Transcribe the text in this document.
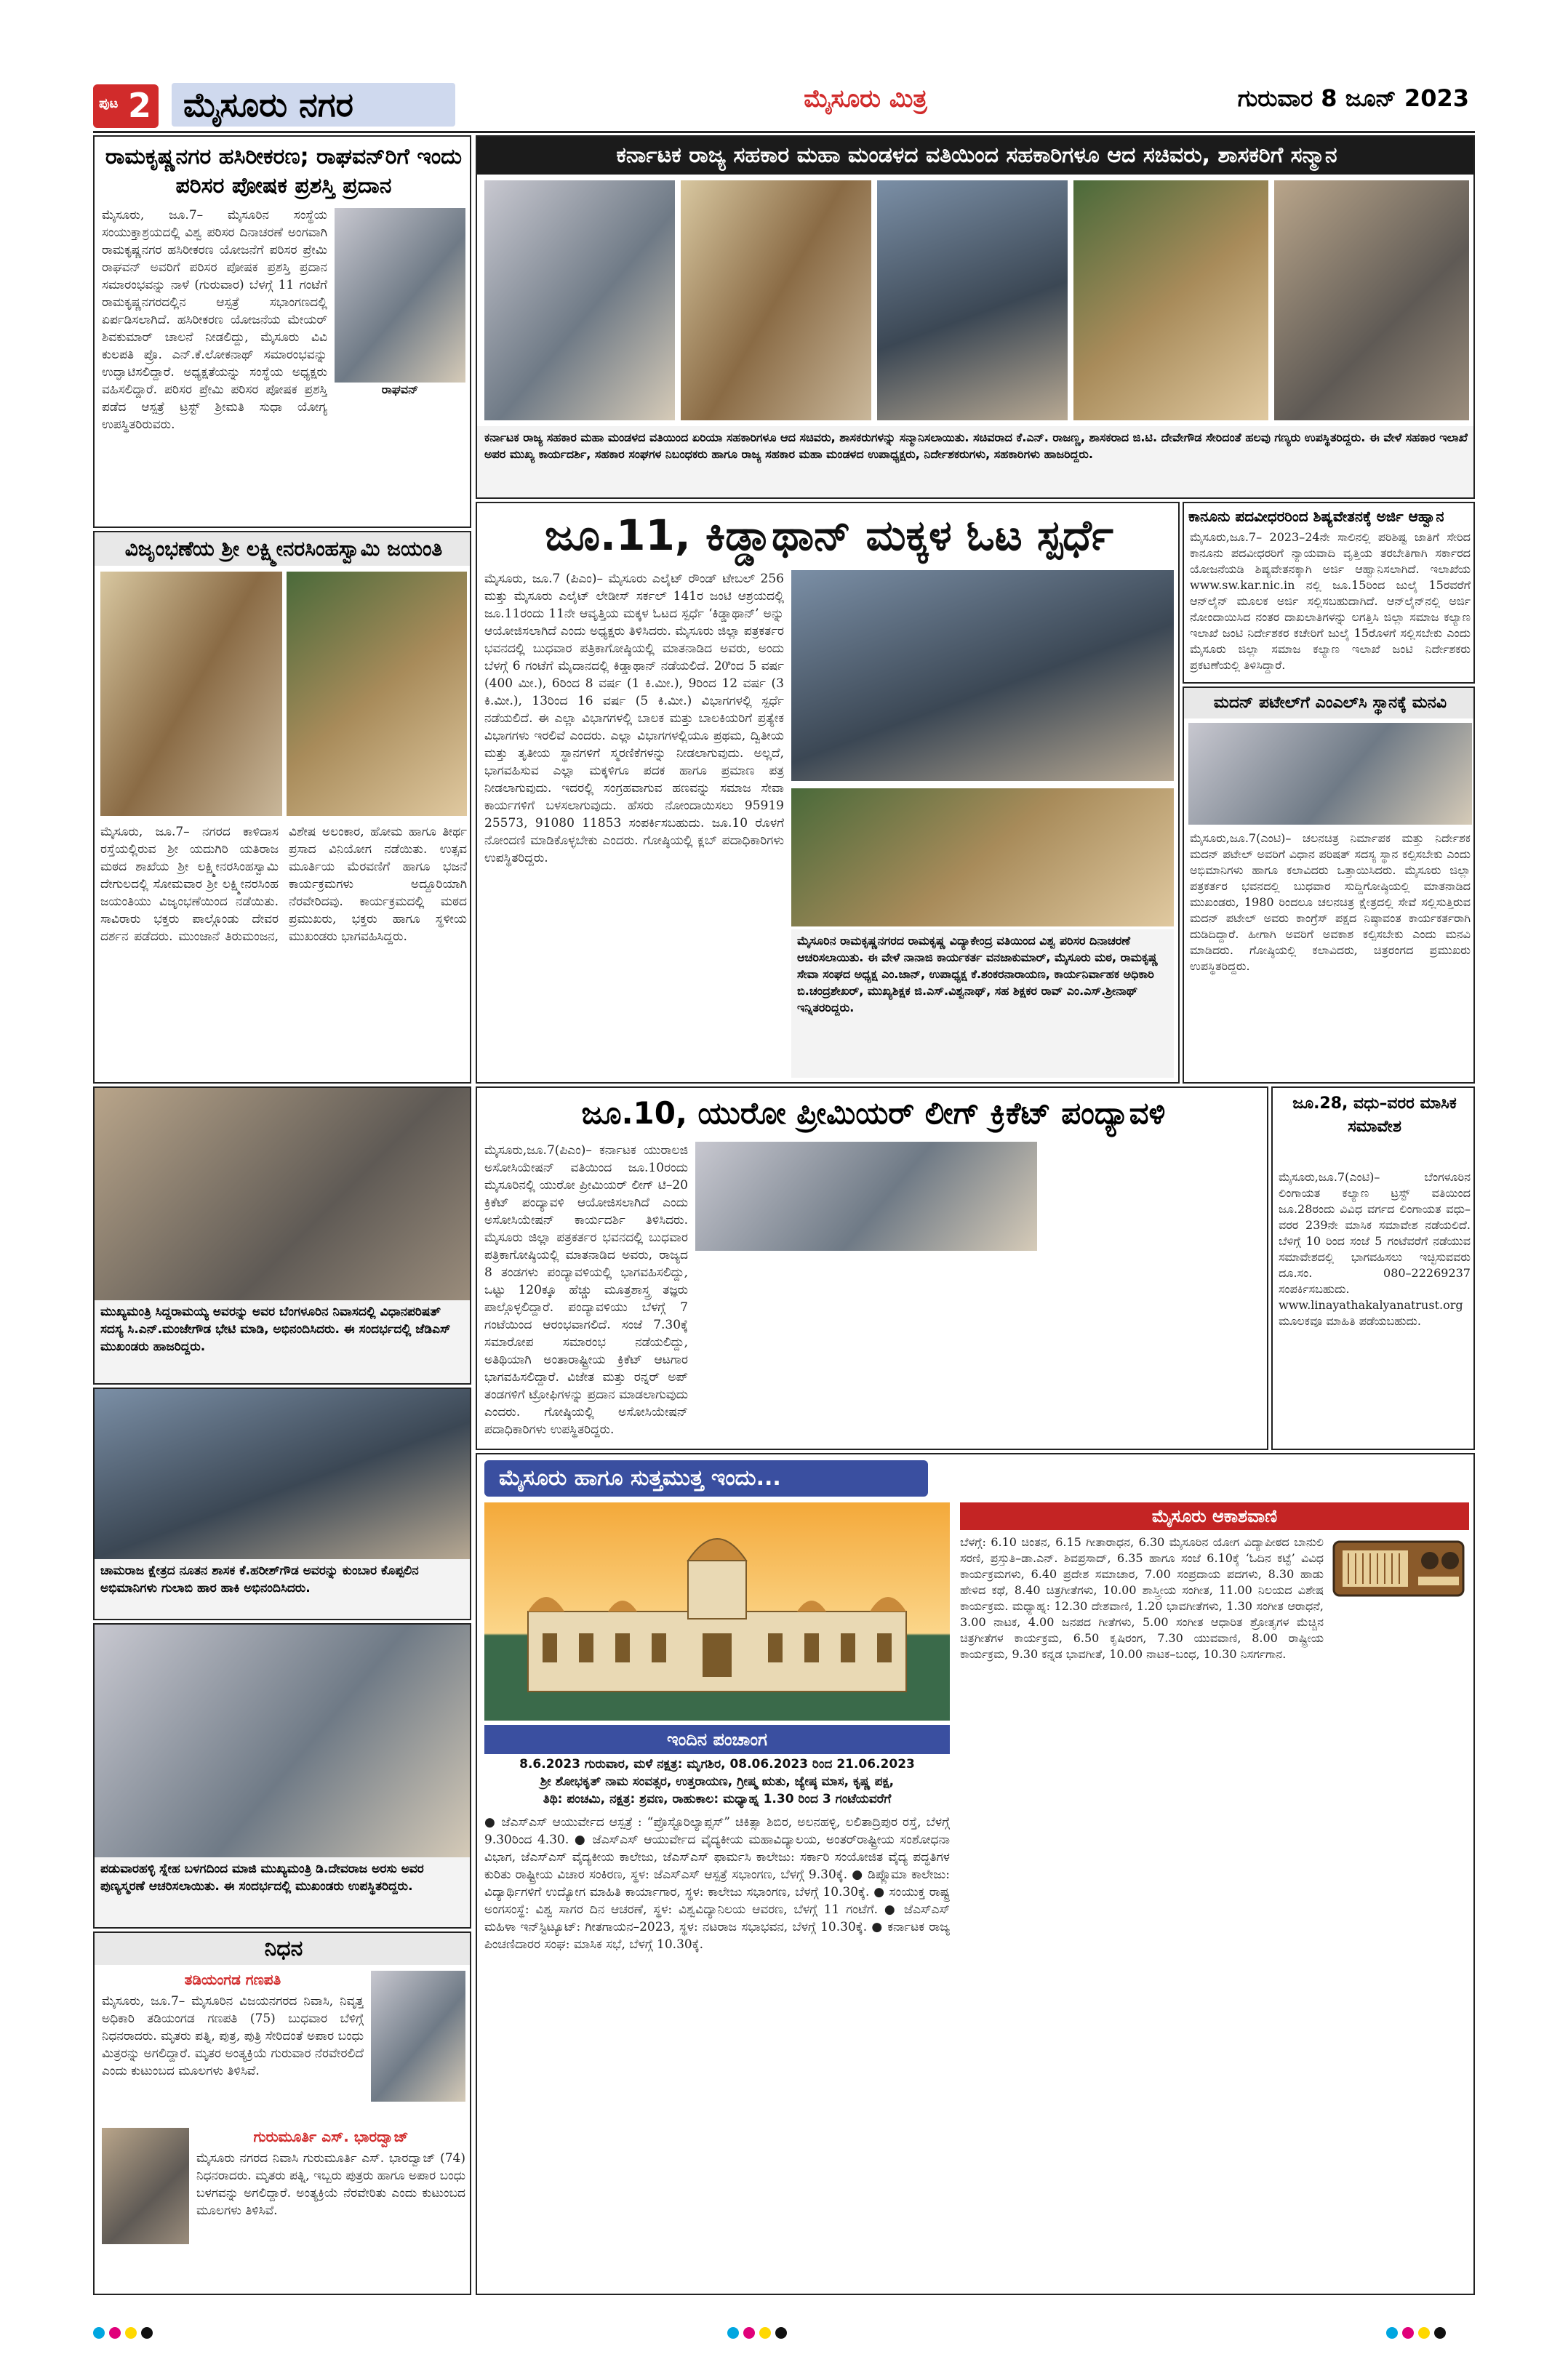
ಪುಟ 2 ಮೈಸೂರು ನಗರ	ಮೈಸೂರು ಮಿತ್ರ	ಗುರುವಾರ 8 ಜೂನ್ 2023
ರಾಮಕೃಷ್ಣನಗರ ಹಸಿರೀಕರಣ; ರಾಘವನ್‌ರಿಗೆ ಇಂದು ಪರಿಸರ ಪೋಷಕ ಪ್ರಶಸ್ತಿ ಪ್ರದಾನ
ರಾಘವನ್
ಮೈಸೂರು, ಜೂ.7– ಮೈಸೂರಿನ ಸಂಸ್ಥೆಯ ಸಂಯುಕ್ತಾಶ್ರಯದಲ್ಲಿ ವಿಶ್ವ ಪರಿಸರ ದಿನಾಚರಣೆ ಅಂಗವಾಗಿ ರಾಮಕೃಷ್ಣನಗರ ಹಸಿರೀಕರಣ ಯೋಜನೆಗೆ ಪರಿಸರ ಪ್ರೇಮಿ ರಾಘವನ್ ಅವರಿಗೆ ಪರಿಸರ ಪೋಷಕ ಪ್ರಶಸ್ತಿ ಪ್ರದಾನ ಸಮಾರಂಭವನ್ನು ನಾಳೆ (ಗುರುವಾರ) ಬೆಳಗ್ಗೆ 11 ಗಂಟೆಗೆ ರಾಮಕೃಷ್ಣನಗರದಲ್ಲಿನ ಆಸ್ಪತ್ರೆ ಸಭಾಂಗಣದಲ್ಲಿ ಏರ್ಪಡಿಸಲಾಗಿದೆ. ಹಸಿರೀಕರಣ ಯೋಜನೆಯ ಮೇಯರ್ ಶಿವಕುಮಾರ್ ಚಾಲನೆ ನೀಡಲಿದ್ದು, ಮೈಸೂರು ವಿವಿ ಕುಲಪತಿ ಪ್ರೊ. ಎನ್.ಕೆ.ಲೋಕನಾಥ್ ಸಮಾರಂಭವನ್ನು ಉದ್ಘಾಟಿಸಲಿದ್ದಾರೆ. ಅಧ್ಯಕ್ಷತೆಯನ್ನು ಸಂಸ್ಥೆಯ ಅಧ್ಯಕ್ಷರು ವಹಿಸಲಿದ್ದಾರೆ. ಪರಿಸರ ಪ್ರೇಮಿ ಪರಿಸರ ಪೋಷಕ ಪ್ರಶಸ್ತಿ ಪಡೆದ ಆಸ್ಪತ್ರೆ ಟ್ರಸ್ಟ್ ಶ್ರೀಮತಿ ಸುಧಾ ಯೋಗ್ಯ ಉಪಸ್ಥಿತರಿರುವರು.
ವಿಜೃಂಭಣೆಯ ಶ್ರೀ ಲಕ್ಷ್ಮೀನರಸಿಂಹಸ್ವಾಮಿ ಜಯಂತಿ
ಮೈಸೂರು, ಜೂ.7– ನಗರದ ಕಾಳಿದಾಸ ರಸ್ತೆಯಲ್ಲಿರುವ ಶ್ರೀ ಯದುಗಿರಿ ಯತಿರಾಜ ಮಠದ ಶಾಖೆಯ ಶ್ರೀ ಲಕ್ಷ್ಮೀನರಸಿಂಹಸ್ವಾಮಿ ದೇಗುಲದಲ್ಲಿ ಸೋಮವಾರ ಶ್ರೀ ಲಕ್ಷ್ಮೀನರಸಿಂಹ ಜಯಂತಿಯು ವಿಜೃಂಭಣೆಯಿಂದ ನಡೆಯಿತು. ಸಾವಿರಾರು ಭಕ್ತರು ಪಾಲ್ಗೊಂಡು ದೇವರ ದರ್ಶನ ಪಡೆದರು. ಮುಂಜಾನೆ ತಿರುಮಂಜನ, ವಿಶೇಷ ಅಲಂಕಾರ, ಹೋಮ ಹಾಗೂ ತೀರ್ಥ ಪ್ರಸಾದ ವಿನಿಯೋಗ ನಡೆಯಿತು. ಉತ್ಸವ ಮೂರ್ತಿಯ ಮೆರವಣಿಗೆ ಹಾಗೂ ಭಜನೆ ಕಾರ್ಯಕ್ರಮಗಳು ಅದ್ದೂರಿಯಾಗಿ ನೆರವೇರಿದವು. ಕಾರ್ಯಕ್ರಮದಲ್ಲಿ ಮಠದ ಪ್ರಮುಖರು, ಭಕ್ತರು ಹಾಗೂ ಸ್ಥಳೀಯ ಮುಖಂಡರು ಭಾಗವಹಿಸಿದ್ದರು.
ಮುಖ್ಯಮಂತ್ರಿ ಸಿದ್ದರಾಮಯ್ಯ ಅವರನ್ನು ಅವರ ಬೆಂಗಳೂರಿನ ನಿವಾಸದಲ್ಲಿ ವಿಧಾನಪರಿಷತ್ ಸದಸ್ಯ ಸಿ.ಎನ್.ಮಂಜೇಗೌಡ ಭೇಟಿ ಮಾಡಿ, ಅಭಿನಂದಿಸಿದರು. ಈ ಸಂದರ್ಭದಲ್ಲಿ ಜೆಡಿಎಸ್ ಮುಖಂಡರು ಹಾಜರಿದ್ದರು.
ಚಾಮರಾಜ ಕ್ಷೇತ್ರದ ನೂತನ ಶಾಸಕ ಕೆ.ಹರೀಶ್‌ಗೌಡ ಅವರನ್ನು ಕುಂಬಾರ ಕೊಪ್ಪಲಿನ ಅಭಿಮಾನಿಗಳು ಗುಲಾಬಿ ಹಾರ ಹಾಕಿ ಅಭಿನಂದಿಸಿದರು.
ಪಡುವಾರಹಳ್ಳಿ ಸ್ನೇಹ ಬಳಗದಿಂದ ಮಾಜಿ ಮುಖ್ಯಮಂತ್ರಿ ಡಿ.ದೇವರಾಜ ಅರಸು ಅವರ ಪುಣ್ಯಸ್ಮರಣೆ ಆಚರಿಸಲಾಯಿತು. ಈ ಸಂದರ್ಭದಲ್ಲಿ ಮುಖಂಡರು ಉಪಸ್ಥಿತರಿದ್ದರು.
ನಿಧನ
ತಡಿಯಂಗಡ ಗಣಪತಿ
ಮೈಸೂರು, ಜೂ.7– ಮೈಸೂರಿನ ವಿಜಯನಗರದ ನಿವಾಸಿ, ನಿವೃತ್ತ ಅಧಿಕಾರಿ ತಡಿಯಂಗಡ ಗಣಪತಿ (75) ಬುಧವಾರ ಬೆಳಿಗ್ಗೆ ನಿಧನರಾದರು. ಮೃತರು ಪತ್ನಿ, ಪುತ್ರ, ಪುತ್ರಿ ಸೇರಿದಂತೆ ಅಪಾರ ಬಂಧು ಮಿತ್ರರನ್ನು ಅಗಲಿದ್ದಾರೆ. ಮೃತರ ಅಂತ್ಯಕ್ರಿಯೆ ಗುರುವಾರ ನೆರವೇರಲಿದೆ ಎಂದು ಕುಟುಂಬದ ಮೂಲಗಳು ತಿಳಿಸಿವೆ.
ಗುರುಮೂರ್ತಿ ಎಸ್. ಭಾರದ್ವಾಜ್
ಮೈಸೂರು ನಗರದ ನಿವಾಸಿ ಗುರುಮೂರ್ತಿ ಎಸ್. ಭಾರದ್ವಾಜ್ (74) ನಿಧನರಾದರು. ಮೃತರು ಪತ್ನಿ, ಇಬ್ಬರು ಪುತ್ರರು ಹಾಗೂ ಅಪಾರ ಬಂಧು ಬಳಗವನ್ನು ಅಗಲಿದ್ದಾರೆ. ಅಂತ್ಯಕ್ರಿಯೆ ನೆರವೇರಿತು ಎಂದು ಕುಟುಂಬದ ಮೂಲಗಳು ತಿಳಿಸಿವೆ.
ಕರ್ನಾಟಕ ರಾಜ್ಯ ಸಹಕಾರ ಮಹಾ ಮಂಡಳದ ವತಿಯಿಂದ ಸಹಕಾರಿಗಳೂ ಆದ ಸಚಿವರು, ಶಾಸಕರಿಗೆ ಸನ್ಮಾನ
ಕರ್ನಾಟಕ ರಾಜ್ಯ ಸಹಕಾರ ಮಹಾ ಮಂಡಳದ ವತಿಯಿಂದ ಏರಿಯಾ ಸಹಕಾರಿಗಳೂ ಆದ ಸಚಿವರು, ಶಾಸಕರುಗಳನ್ನು ಸನ್ಮಾನಿಸಲಾಯಿತು. ಸಚಿವರಾದ ಕೆ.ಎನ್. ರಾಜಣ್ಣ, ಶಾಸಕರಾದ ಜಿ.ಟಿ. ದೇವೇಗೌಡ ಸೇರಿದಂತೆ ಹಲವು ಗಣ್ಯರು ಉಪಸ್ಥಿತರಿದ್ದರು. ಈ ವೇಳೆ ಸಹಕಾರ ಇಲಾಖೆ ಅಪರ ಮುಖ್ಯ ಕಾರ್ಯದರ್ಶಿ, ಸಹಕಾರ ಸಂಘಗಳ ನಿಬಂಧಕರು ಹಾಗೂ ರಾಜ್ಯ ಸಹಕಾರ ಮಹಾ ಮಂಡಳದ ಉಪಾಧ್ಯಕ್ಷರು, ನಿರ್ದೇಶಕರುಗಳು, ಸಹಕಾರಿಗಳು ಹಾಜರಿದ್ದರು.
ಜೂ.11, ಕಿಡ್ಡಾಥಾನ್ ಮಕ್ಕಳ ಓಟ ಸ್ಪರ್ಧೆ
ಮೈಸೂರು, ಜೂ.7 (ಪಿಎಂ)– ಮೈಸೂರು ಎಲೈಟ್ ರೌಂಡ್ ಟೇಬಲ್ 256 ಮತ್ತು ಮೈಸೂರು ಎಲೈಟ್ ಲೇಡೀಸ್ ಸರ್ಕಲ್ 141ರ ಜಂಟಿ ಆಶ್ರಯದಲ್ಲಿ ಜೂ.11ರಂದು 11ನೇ ಆವೃತ್ತಿಯ ಮಕ್ಕಳ ಓಟದ ಸ್ಪರ್ಧೆ ‘ಕಿಡ್ಡಾಥಾನ್’ ಅನ್ನು ಆಯೋಜಿಸಲಾಗಿದೆ ಎಂದು ಅಧ್ಯಕ್ಷರು ತಿಳಿಸಿದರು. ಮೈಸೂರು ಜಿಲ್ಲಾ ಪತ್ರಕರ್ತರ ಭವನದಲ್ಲಿ ಬುಧವಾರ ಪತ್ರಿಕಾಗೋಷ್ಠಿಯಲ್ಲಿ ಮಾತನಾಡಿದ ಅವರು, ಅಂದು ಬೆಳಗ್ಗೆ 6 ಗಂಟೆಗೆ ಮೈದಾನದಲ್ಲಿ ಕಿಡ್ಡಾಥಾನ್ ನಡೆಯಲಿದೆ. 20ಿಂದ 5 ವರ್ಷ (400 ಮೀ.), 6ರಿಂದ 8 ವರ್ಷ (1 ಕಿ.ಮೀ.), 9ರಿಂದ 12 ವರ್ಷ (3 ಕಿ.ಮೀ.), 13ರಿಂದ 16 ವರ್ಷ (5 ಕಿ.ಮೀ.) ವಿಭಾಗಗಳಲ್ಲಿ ಸ್ಪರ್ಧೆ ನಡೆಯಲಿದೆ. ಈ ಎಲ್ಲಾ ವಿಭಾಗಗಳಲ್ಲಿ ಬಾಲಕ ಮತ್ತು ಬಾಲಕಿಯರಿಗೆ ಪ್ರತ್ಯೇಕ ವಿಭಾಗಗಳು ಇರಲಿವೆ ಎಂದರು. ಎಲ್ಲಾ ವಿಭಾಗಗಳಲ್ಲಿಯೂ ಪ್ರಥಮ, ದ್ವಿತೀಯ ಮತ್ತು ತೃತೀಯ ಸ್ಥಾನಗಳಿಗೆ ಸ್ಮರಣಿಕೆಗಳನ್ನು ನೀಡಲಾಗುವುದು. ಅಲ್ಲದೆ, ಭಾಗವಹಿಸುವ ಎಲ್ಲಾ ಮಕ್ಕಳಿಗೂ ಪದಕ ಹಾಗೂ ಪ್ರಮಾಣ ಪತ್ರ ನೀಡಲಾಗುವುದು. ಇದರಲ್ಲಿ ಸಂಗ್ರಹವಾಗುವ ಹಣವನ್ನು ಸಮಾಜ ಸೇವಾ ಕಾರ್ಯಗಳಿಗೆ ಬಳಸಲಾಗುವುದು. ಹೆಸರು ನೋಂದಾಯಿಸಲು 95919 25573, 91080 11853 ಸಂಪರ್ಕಿಸಬಹುದು. ಜೂ.10 ರೊಳಗೆ ನೋಂದಣಿ ಮಾಡಿಕೊಳ್ಳಬೇಕು ಎಂದರು. ಗೋಷ್ಠಿಯಲ್ಲಿ ಕ್ಲಬ್ ಪದಾಧಿಕಾರಿಗಳು ಉಪಸ್ಥಿತರಿದ್ದರು.
ಮೈಸೂರಿನ ರಾಮಕೃಷ್ಣನಗರದ ರಾಮಕೃಷ್ಣ ವಿದ್ಯಾಕೇಂದ್ರ ವತಿಯಿಂದ ವಿಶ್ವ ಪರಿಸರ ದಿನಾಚರಣೆ ಆಚರಿಸಲಾಯಿತು. ಈ ವೇಳೆ ನಾನಾಜಿ ಕಾರ್ಯಕರ್ತ ವನಜಾಕುಮಾರ್, ಮೈಸೂರು ಮಠ, ರಾಮಕೃಷ್ಣ ಸೇವಾ ಸಂಘದ ಅಧ್ಯಕ್ಷ ಎಂ.ಜಾನ್, ಉಪಾಧ್ಯಕ್ಷ ಕೆ.ಶಂಕರನಾರಾಯಣ, ಕಾರ್ಯನಿರ್ವಾಹಕ ಅಧಿಕಾರಿ ಬಿ.ಚಂದ್ರಶೇಖರ್, ಮುಖ್ಯಶಿಕ್ಷಕ ಜಿ.ಎಸ್.ವಿಶ್ವನಾಥ್, ಸಹ ಶಿಕ್ಷಕರ ರಾವ್ ಎಂ.ಎಸ್.ಶ್ರೀನಾಥ್ ಇನ್ನಿತರರಿದ್ದರು.
ಕಾನೂನು ಪದವೀಧರರಿಂದ ಶಿಷ್ಯವೇತನಕ್ಕೆ ಅರ್ಜಿ ಆಹ್ವಾನ
ಮೈಸೂರು,ಜೂ.7– 2023–24ನೇ ಸಾಲಿನಲ್ಲಿ ಪರಿಶಿಷ್ಟ ಜಾತಿಗೆ ಸೇರಿದ ಕಾನೂನು ಪದವೀಧರರಿಗೆ ನ್ಯಾಯವಾದಿ ವೃತ್ತಿಯ ತರಬೇತಿಗಾಗಿ ಸರ್ಕಾರದ ಯೋಜನೆಯಡಿ ಶಿಷ್ಯವೇತನಕ್ಕಾಗಿ ಅರ್ಜಿ ಆಹ್ವಾನಿಸಲಾಗಿದೆ. ಇಲಾಖೆಯ www.sw.kar.nic.in ನಲ್ಲಿ ಜೂ.15ರಿಂದ ಜುಲೈ 15ರವರೆಗೆ ಆನ್‌ಲೈನ್ ಮೂಲಕ ಅರ್ಜಿ ಸಲ್ಲಿಸಬಹುದಾಗಿದೆ. ಆನ್‌ಲೈನ್‌ನಲ್ಲಿ ಅರ್ಜಿ ನೋಂದಾಯಿಸಿದ ನಂತರ ದಾಖಲಾತಿಗಳನ್ನು ಲಗತ್ತಿಸಿ ಜಿಲ್ಲಾ ಸಮಾಜ ಕಲ್ಯಾಣ ಇಲಾಖೆ ಜಂಟಿ ನಿರ್ದೇಶಕರ ಕಚೇರಿಗೆ ಜುಲೈ 15ರೊಳಗೆ ಸಲ್ಲಿಸಬೇಕು ಎಂದು ಮೈಸೂರು ಜಿಲ್ಲಾ ಸಮಾಜ ಕಲ್ಯಾಣ ಇಲಾಖೆ ಜಂಟಿ ನಿರ್ದೇಶಕರು ಪ್ರಕಟಣೆಯಲ್ಲಿ ತಿಳಿಸಿದ್ದಾರೆ.
ಮದನ್ ಪಟೇಲ್‌ಗೆ ಎಂಎಲ್‌ಸಿ ಸ್ಥಾನಕ್ಕೆ ಮನವಿ
ಮೈಸೂರು,ಜೂ.7(ಎಂಟಿ)– ಚಲನಚಿತ್ರ ನಿರ್ಮಾಪಕ ಮತ್ತು ನಿರ್ದೇಶಕ ಮದನ್ ಪಟೇಲ್ ಅವರಿಗೆ ವಿಧಾನ ಪರಿಷತ್ ಸದಸ್ಯ ಸ್ಥಾನ ಕಲ್ಪಿಸಬೇಕು ಎಂದು ಅಭಿಮಾನಿಗಳು ಹಾಗೂ ಕಲಾವಿದರು ಒತ್ತಾಯಿಸಿದರು. ಮೈಸೂರು ಜಿಲ್ಲಾ ಪತ್ರಕರ್ತರ ಭವನದಲ್ಲಿ ಬುಧವಾರ ಸುದ್ದಿಗೋಷ್ಠಿಯಲ್ಲಿ ಮಾತನಾಡಿದ ಮುಖಂಡರು, 1980 ರಿಂದಲೂ ಚಲನಚಿತ್ರ ಕ್ಷೇತ್ರದಲ್ಲಿ ಸೇವೆ ಸಲ್ಲಿಸುತ್ತಿರುವ ಮದನ್ ಪಟೇಲ್ ಅವರು ಕಾಂಗ್ರೆಸ್ ಪಕ್ಷದ ನಿಷ್ಠಾವಂತ ಕಾರ್ಯಕರ್ತರಾಗಿ ದುಡಿದಿದ್ದಾರೆ. ಹೀಗಾಗಿ ಅವರಿಗೆ ಅವಕಾಶ ಕಲ್ಪಿಸಬೇಕು ಎಂದು ಮನವಿ ಮಾಡಿದರು. ಗೋಷ್ಠಿಯಲ್ಲಿ ಕಲಾವಿದರು, ಚಿತ್ರರಂಗದ ಪ್ರಮುಖರು ಉಪಸ್ಥಿತರಿದ್ದರು.
ಜೂ.10, ಯುರೋ ಪ್ರೀಮಿಯರ್ ಲೀಗ್ ಕ್ರಿಕೆಟ್ ಪಂದ್ಯಾವಳಿ
ಮೈಸೂರು,ಜೂ.7(ಪಿಎಂ)– ಕರ್ನಾಟಕ ಯುರಾಲಜಿ ಅಸೋಸಿಯೇಷನ್ ವತಿಯಿಂದ ಜೂ.10ರಂದು ಮೈಸೂರಿನಲ್ಲಿ ಯುರೋ ಪ್ರೀಮಿಯರ್ ಲೀಗ್ ಟಿ–20 ಕ್ರಿಕೆಟ್ ಪಂದ್ಯಾವಳಿ ಆಯೋಜಿಸಲಾಗಿದೆ ಎಂದು ಅಸೋಸಿಯೇಷನ್ ಕಾರ್ಯದರ್ಶಿ ತಿಳಿಸಿದರು. ಮೈಸೂರು ಜಿಲ್ಲಾ ಪತ್ರಕರ್ತರ ಭವನದಲ್ಲಿ ಬುಧವಾರ ಪತ್ರಿಕಾಗೋಷ್ಠಿಯಲ್ಲಿ ಮಾತನಾಡಿದ ಅವರು, ರಾಜ್ಯದ 8 ತಂಡಗಳು ಪಂದ್ಯಾವಳಿಯಲ್ಲಿ ಭಾಗವಹಿಸಲಿದ್ದು, ಒಟ್ಟು 120ಕ್ಕೂ ಹೆಚ್ಚು ಮೂತ್ರಶಾಸ್ತ್ರ ತಜ್ಞರು ಪಾಲ್ಗೊಳ್ಳಲಿದ್ದಾರೆ. ಪಂದ್ಯಾವಳಿಯು ಬೆಳಗ್ಗೆ 7 ಗಂಟೆಯಿಂದ ಆರಂಭವಾಗಲಿದೆ. ಸಂಜೆ 7.30ಕ್ಕೆ ಸಮಾರೋಪ ಸಮಾರಂಭ ನಡೆಯಲಿದ್ದು, ಅತಿಥಿಯಾಗಿ ಅಂತಾರಾಷ್ಟ್ರೀಯ ಕ್ರಿಕೆಟ್ ಆಟಗಾರ ಭಾಗವಹಿಸಲಿದ್ದಾರೆ. ವಿಜೇತ ಮತ್ತು ರನ್ನರ್ ಅಪ್ ತಂಡಗಳಿಗೆ ಟ್ರೋಫಿಗಳನ್ನು ಪ್ರದಾನ ಮಾಡಲಾಗುವುದು ಎಂದರು. ಗೋಷ್ಠಿಯಲ್ಲಿ ಅಸೋಸಿಯೇಷನ್ ಪದಾಧಿಕಾರಿಗಳು ಉಪಸ್ಥಿತರಿದ್ದರು.
ಜೂ.28, ವಧು–ವರರ ಮಾಸಿಕ ಸಮಾವೇಶ
ಮೈಸೂರು,ಜೂ.7(ಎಂಟಿ)– ಬೆಂಗಳೂರಿನ ಲಿಂಗಾಯತ ಕಲ್ಯಾಣ ಟ್ರಸ್ಟ್ ವತಿಯಿಂದ ಜೂ.28ರಂದು ವಿವಿಧ ವರ್ಗದ ಲಿಂಗಾಯತ ವಧು–ವರರ 239ನೇ ಮಾಸಿಕ ಸಮಾವೇಶ ನಡೆಯಲಿದೆ. ಬೆಳಿಗ್ಗೆ 10 ರಿಂದ ಸಂಜೆ 5 ಗಂಟೆವರೆಗೆ ನಡೆಯುವ ಸಮಾವೇಶದಲ್ಲಿ ಭಾಗವಹಿಸಲು ಇಚ್ಛಿಸುವವರು ದೂ.ಸಂ. 080–22269237 ಸಂಪರ್ಕಿಸಬಹುದು. www.linayathakalyanatrust.org ಮೂಲಕವೂ ಮಾಹಿತಿ ಪಡೆಯಬಹುದು.
ಮೈಸೂರು ಹಾಗೂ ಸುತ್ತಮುತ್ತ ಇಂದು...
ಇಂದಿನ ಪಂಚಾಂಗ
8.6.2023 ಗುರುವಾರ, ಮಳೆ ನಕ್ಷತ್ರ: ಮೃಗಶಿರ, 08.06.2023 ರಿಂದ 21.06.2023
ಶ್ರೀ ಶೋಭಕೃತ್ ನಾಮ ಸಂವತ್ಸರ, ಉತ್ತರಾಯಣ, ಗ್ರೀಷ್ಮ ಋತು, ಜ್ಯೇಷ್ಠ ಮಾಸ, ಕೃಷ್ಣ ಪಕ್ಷ,
ತಿಥಿ: ಪಂಚಮಿ, ನಕ್ಷತ್ರ: ಶ್ರವಣ, ರಾಹುಕಾಲ: ಮಧ್ಯಾಹ್ನ 1.30 ರಿಂದ 3 ಗಂಟೆಯವರೆಗೆ
● ಜೆಎಸ್‌ಎಸ್ ಆಯುರ್ವೇದ ಆಸ್ಪತ್ರೆ : “ಪ್ರೊಸ್ಟೊರಿಲ್ಯಾಪ್ಸಸ್” ಚಿಕಿತ್ಸಾ ಶಿಬಿರ, ಅಲನಹಳ್ಳಿ, ಲಲಿತಾದ್ರಿಪುರ ರಸ್ತೆ, ಬೆಳಗ್ಗೆ 9.30ರಿಂದ 4.30. ● ಜೆಎಸ್‌ಎಸ್ ಆಯುರ್ವೇದ ವೈದ್ಯಕೀಯ ಮಹಾವಿದ್ಯಾಲಯ, ಅಂತರ್‌ರಾಷ್ಟ್ರೀಯ ಸಂಶೋಧನಾ ವಿಭಾಗ, ಜೆಎಸ್‌ಎಸ್ ವೈದ್ಯಕೀಯ ಕಾಲೇಜು, ಜೆಎಸ್‌ಎಸ್ ಫಾರ್ಮಸಿ ಕಾಲೇಜು: ಸರ್ಕಾರಿ ಸಂಯೋಜಿತ ವೈದ್ಯ ಪದ್ಧತಿಗಳ ಕುರಿತು ರಾಷ್ಟ್ರೀಯ ವಿಚಾರ ಸಂಕಿರಣ, ಸ್ಥಳ: ಜೆಎಸ್‌ಎಸ್ ಆಸ್ಪತ್ರೆ ಸಭಾಂಗಣ, ಬೆಳಗ್ಗೆ 9.30ಕ್ಕೆ. ● ಡಿಪ್ಲೊಮಾ ಕಾಲೇಜು: ವಿದ್ಯಾರ್ಥಿಗಳಿಗೆ ಉದ್ಯೋಗ ಮಾಹಿತಿ ಕಾರ್ಯಾಗಾರ, ಸ್ಥಳ: ಕಾಲೇಜು ಸಭಾಂಗಣ, ಬೆಳಗ್ಗೆ 10.30ಕ್ಕೆ. ● ಸಂಯುಕ್ತ ರಾಷ್ಟ್ರ ಅಂಗಸಂಸ್ಥೆ: ವಿಶ್ವ ಸಾಗರ ದಿನ ಆಚರಣೆ, ಸ್ಥಳ: ವಿಶ್ವವಿದ್ಯಾನಿಲಯ ಆವರಣ, ಬೆಳಗ್ಗೆ 11 ಗಂಟೆಗೆ. ● ಜೆಎಸ್‌ಎಸ್ ಮಹಿಳಾ ಇನ್‌ಸ್ಟಿಟ್ಯೂಟ್: ಗೀತಗಾಯನ–2023, ಸ್ಥಳ: ನಟರಾಜ ಸಭಾಭವನ, ಬೆಳಗ್ಗೆ 10.30ಕ್ಕೆ. ● ಕರ್ನಾಟಕ ರಾಜ್ಯ ಪಿಂಚಣಿದಾರರ ಸಂಘ: ಮಾಸಿಕ ಸಭೆ, ಬೆಳಗ್ಗೆ 10.30ಕ್ಕೆ.
ಮೈಸೂರು ಆಕಾಶವಾಣಿ
ಬೆಳಗ್ಗೆ: 6.10 ಚಿಂತನ, 6.15 ಗೀತಾರಾಧನ, 6.30 ಮೈಸೂರಿನ ಯೋಗ ವಿದ್ಯಾಪೀಠದ ಬಾನುಲಿ ಸರಣಿ, ಪ್ರಸ್ತುತಿ–ಡಾ.ಎನ್. ಶಿವಪ್ರಸಾದ್, 6.35 ಹಾಗೂ ಸಂಜೆ 6.10ಕ್ಕೆ ‘ಓದಿನ ಕಟ್ಟೆ’ ವಿವಿಧ ಕಾರ್ಯಕ್ರಮಗಳು, 6.40 ಪ್ರದೇಶ ಸಮಾಚಾರ, 7.00 ಸಂಪ್ರದಾಯ ಪದಗಳು, 8.30 ಹಾಡು ಹೇಳಿದ ಕಥೆ, 8.40 ಚಿತ್ರಗೀತೆಗಳು, 10.00 ಶಾಸ್ತ್ರೀಯ ಸಂಗೀತ, 11.00 ನಿಲಯದ ವಿಶೇಷ ಕಾರ್ಯಕ್ರಮ. ಮಧ್ಯಾಹ್ನ: 12.30 ದೇಶವಾಣಿ, 1.20 ಭಾವಗೀತೆಗಳು, 1.30 ಸಂಗೀತ ಆರಾಧನೆ, 3.00 ನಾಟಕ, 4.00 ಜನಪದ ಗೀತೆಗಳು, 5.00 ಸಂಗೀತ ಆಧಾರಿತ ಶ್ರೋತೃಗಳ ಮೆಚ್ಚಿನ ಚಿತ್ರಗೀತೆಗಳ ಕಾರ್ಯಕ್ರಮ, 6.50 ಕೃಷಿರಂಗ, 7.30 ಯುವವಾಣಿ, 8.00 ರಾಷ್ಟ್ರೀಯ ಕಾರ್ಯಕ್ರಮ, 9.30 ಕನ್ನಡ ಭಾವಗೀತೆ, 10.00 ನಾಟಕ–ಬಂಧ, 10.30 ನಿಸರ್ಗಗಾನ.
